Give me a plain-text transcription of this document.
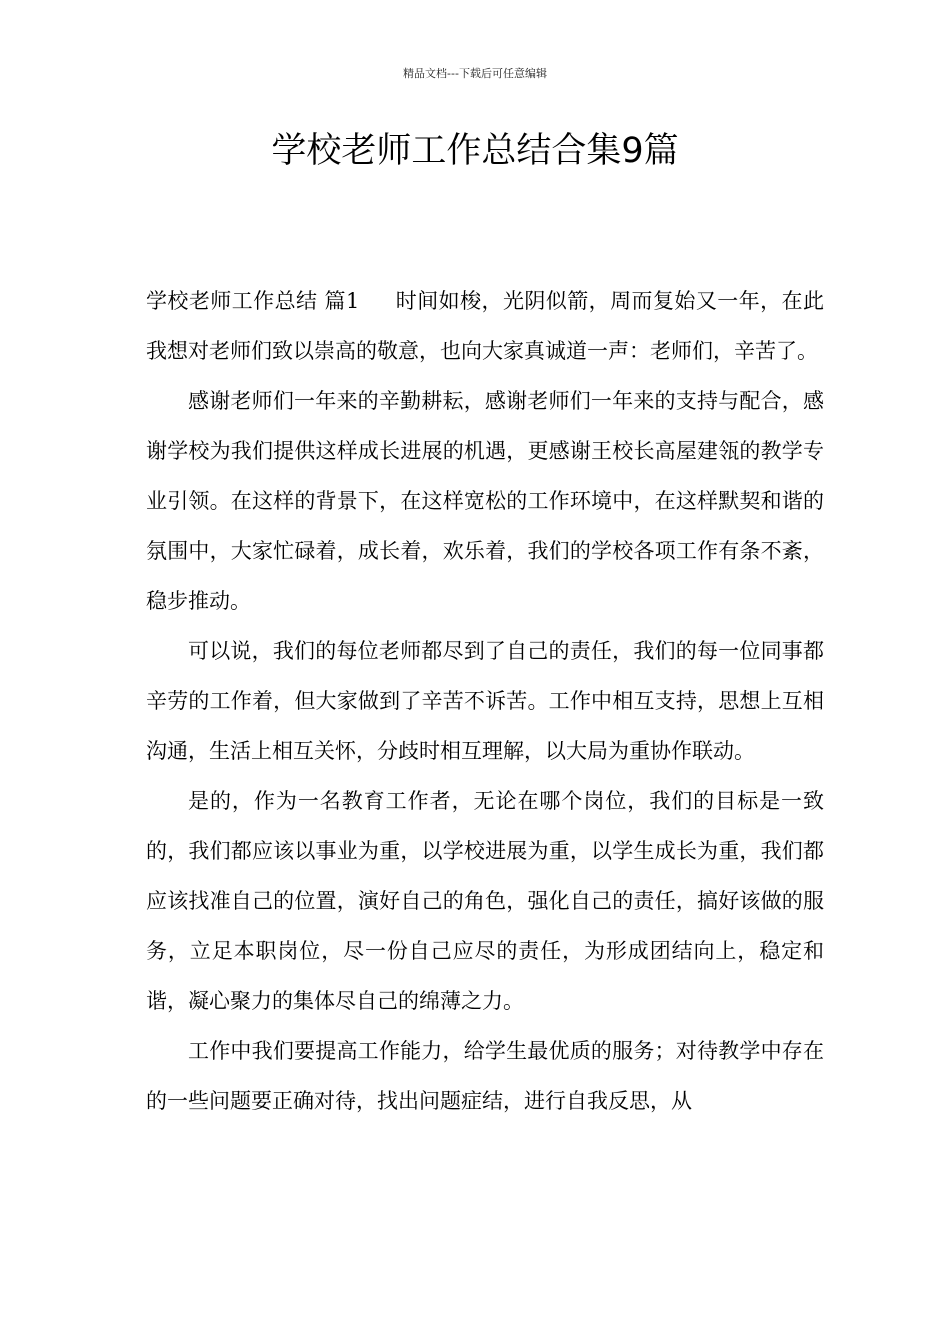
精品文档---下载后可任意编辑
学校老师工作总结合集9篇

学校老师工作总结 篇1 时间如梭，光阴似箭，周而复始又一年，在此我想对老师们致以崇高的敬意，也向大家真诚道一声：老师们，辛苦了。

感谢老师们一年来的辛勤耕耘，感谢老师们一年来的支持与配合，感谢学校为我们提供这样成长进展的机遇，更感谢王校长高屋建瓴的教学专业引领。在这样的背景下，在这样宽松的工作环境中，在这样默契和谐的氛围中，大家忙碌着，成长着，欢乐着，我们的学校各项工作有条不紊，稳步推动。

可以说，我们的每位老师都尽到了自己的责任，我们的每一位同事都辛劳的工作着，但大家做到了辛苦不诉苦。工作中相互支持，思想上互相沟通，生活上相互关怀，分歧时相互理解，以大局为重协作联动。

是的，作为一名教育工作者，无论在哪个岗位，我们的目标是一致的，我们都应该以事业为重，以学校进展为重，以学生成长为重，我们都应该找准自己的位置，演好自己的角色，强化自己的责任，搞好该做的服务，立足本职岗位，尽一份自己应尽的责任，为形成团结向上，稳定和谐，凝心聚力的集体尽自己的绵薄之力。

工作中我们要提高工作能力，给学生最优质的服务；对待教学中存在的一些问题要正确对待，找出问题症结，进行自我反思，从
